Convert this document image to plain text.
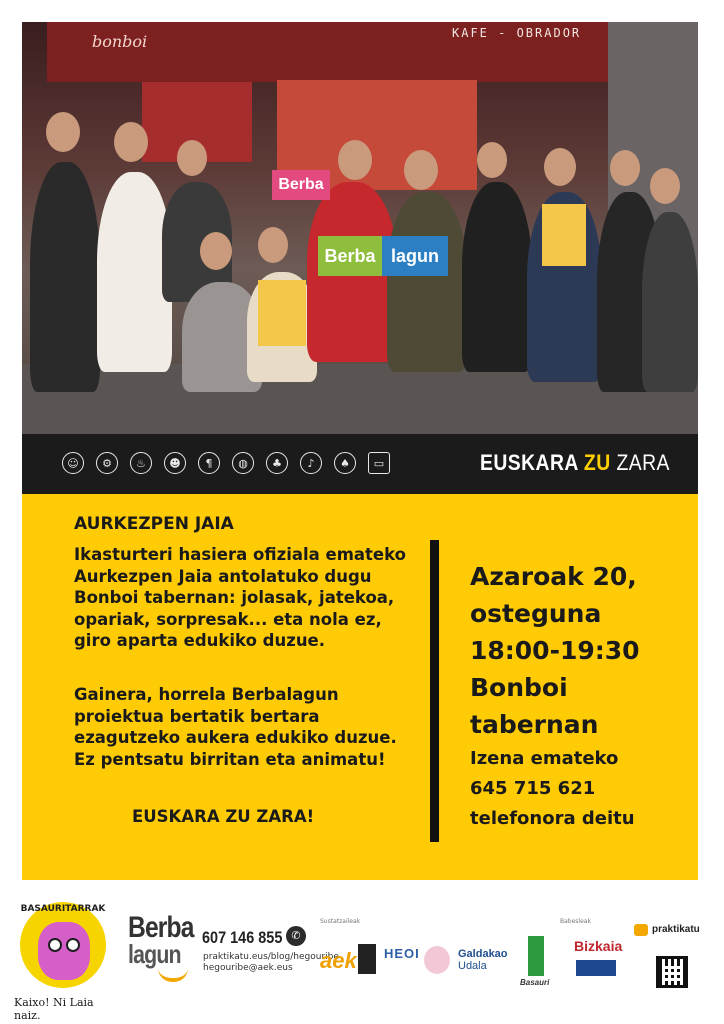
bonboi	KAFE - OBRADOR
Berba
Berba lagun
☺	⚙	♨	☻	¶	◍	♣	♪	♠	▭	EUSKARA ZU ZARA
AURKEZPEN JAIA
Ikasturteri hasiera ofiziala emateko Aurkezpen Jaia antolatuko dugu Bonboi tabernan: jolasak, jatekoa, opariak, sorpresak... eta nola ez, giro aparta edukiko duzue.
Gainera, horrela Berbalagun proiektua bertatik bertara ezagutzeko aukera edukiko duzue. Ez pentsatu birritan eta animatu!
EUSKARA ZU ZARA!
Azaroak 20,
osteguna
18:00-19:30
Bonboi
tabernan
Izena emateko
645 715 621
telefonora deitu
BASAURITARRAK
Kaixo! Ni Laia naiz.
Berba
lagun
607 146 855 ✆
praktikatu.eus/blog/hegouribe
hegouribe@aek.eus
Sustatzaileak	Babesleak
aek HEOI	Galdakao
Udala
Basauri
Bizkaia
praktikatu
